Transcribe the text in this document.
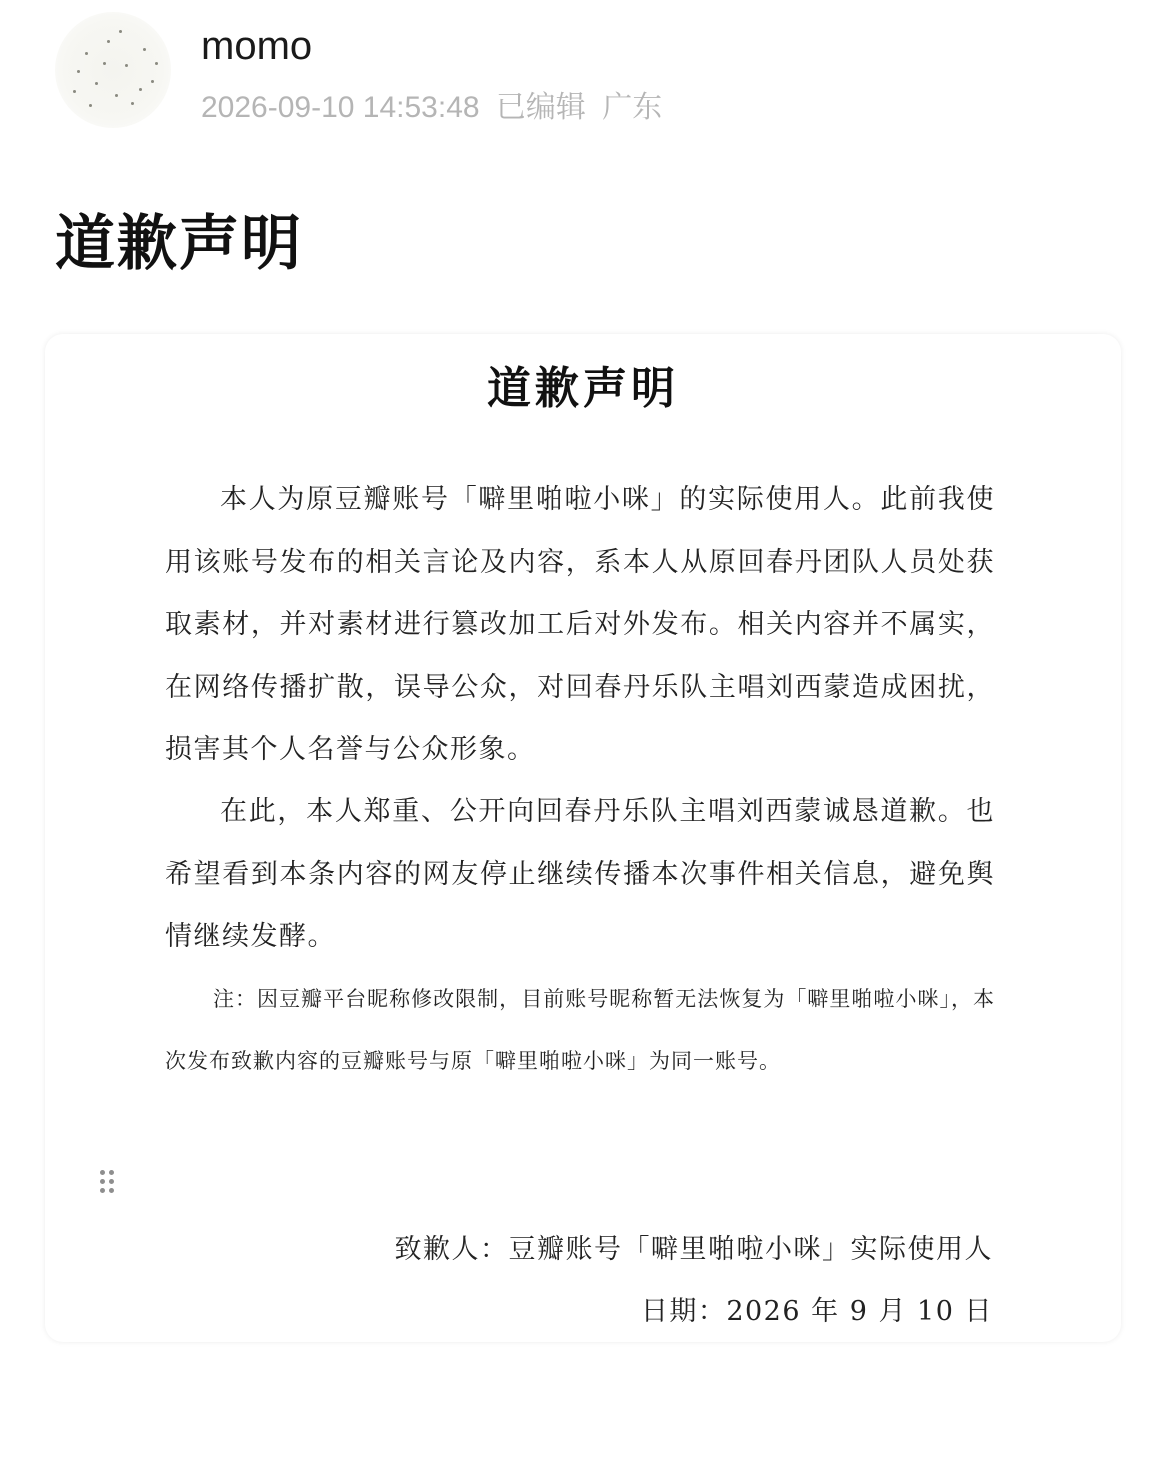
momo
2026-09-10 14:53:48 已编辑 广东
道歉声明
道歉声明
本人为原豆瓣账号「噼里啪啦小咪」的实际使用人。此前我使用该账号发布的相关言论及内容，系本人从原回春丹团队人员处获取素材，并对素材进行篡改加工后对外发布。相关内容并不属实，在网络传播扩散，误导公众，对回春丹乐队主唱刘西蒙造成困扰，损害其个人名誉与公众形象。
在此，本人郑重、公开向回春丹乐队主唱刘西蒙诚恳道歉。也希望看到本条内容的网友停止继续传播本次事件相关信息，避免舆情继续发酵。
注：因豆瓣平台昵称修改限制，目前账号昵称暂无法恢复为「噼里啪啦小咪」，本次发布致歉内容的豆瓣账号与原「噼里啪啦小咪」为同一账号。
致歉人：豆瓣账号「噼里啪啦小咪」实际使用人
日期：2026 年 9 月 10 日
